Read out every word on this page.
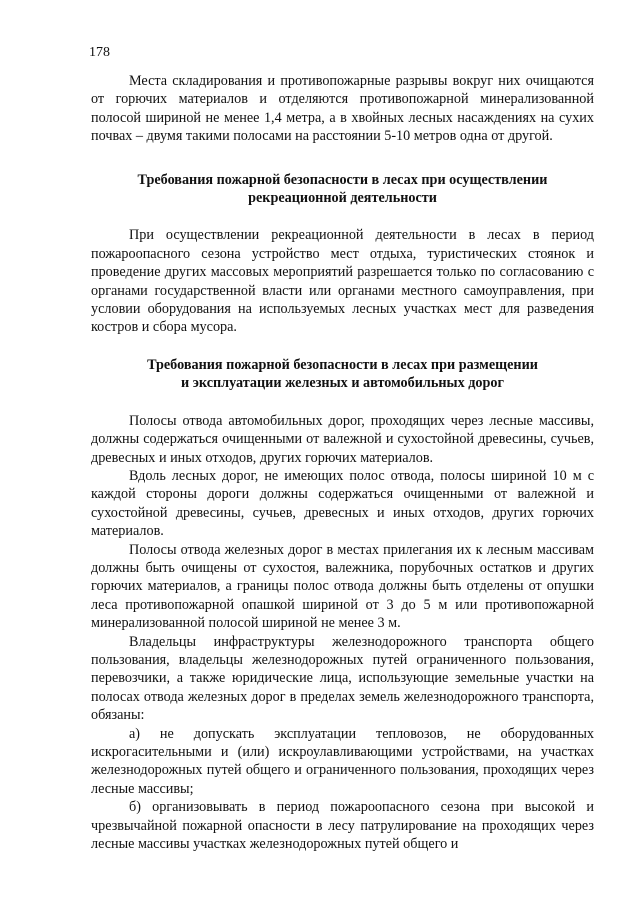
178

Места складирования и противопожарные разрывы вокруг них очищаются от горючих материалов и отделяются противопожарной минерализованной полосой шириной не менее 1,4 метра, а в хвойных лесных насаждениях на сухих почвах – двумя такими полосами на расстоянии 5-10 метров одна от другой.

Требования пожарной безопасности в лесах при осуществлении
рекреационной деятельности

При осуществлении рекреационной деятельности в лесах в период пожароопасного сезона устройство мест отдыха, туристических стоянок и проведение других массовых мероприятий разрешается только по согласованию с органами государственной власти или органами местного самоуправления, при условии оборудования на используемых лесных участках мест для разведения костров и сбора мусора.

Требования пожарной безопасности в лесах при размещении
и эксплуатации железных и автомобильных дорог

Полосы отвода автомобильных дорог, проходящих через лесные массивы, должны содержаться очищенными от валежной и сухостойной древесины, сучьев, древесных и иных отходов, других горючих материалов.

Вдоль лесных дорог, не имеющих полос отвода, полосы шириной 10 м с каждой стороны дороги должны содержаться очищенными от валежной и сухостойной древесины, сучьев, древесных и иных отходов, других горючих материалов.

Полосы отвода железных дорог в местах прилегания их к лесным массивам должны быть очищены от сухостоя, валежника, порубочных остатков и других горючих материалов, а границы полос отвода должны быть отделены от опушки леса противопожарной опашкой шириной от 3 до 5 м или противопожарной минерализованной полосой шириной не менее 3 м.

Владельцы инфраструктуры железнодорожного транспорта общего пользования, владельцы железнодорожных путей ограниченного пользования, перевозчики, а также юридические лица, использующие земельные участки на полосах отвода железных дорог в пределах земель железнодорожного транспорта, обязаны:

а) не допускать эксплуатации тепловозов, не оборудованных искрогасительными и (или) искроулавливающими устройствами, на участках железнодорожных путей общего и ограниченного пользования, проходящих через лесные массивы;

б) организовывать в период пожароопасного сезона при высокой и чрезвычайной пожарной опасности в лесу патрулирование на проходящих через лесные массивы участках железнодорожных путей общего и
